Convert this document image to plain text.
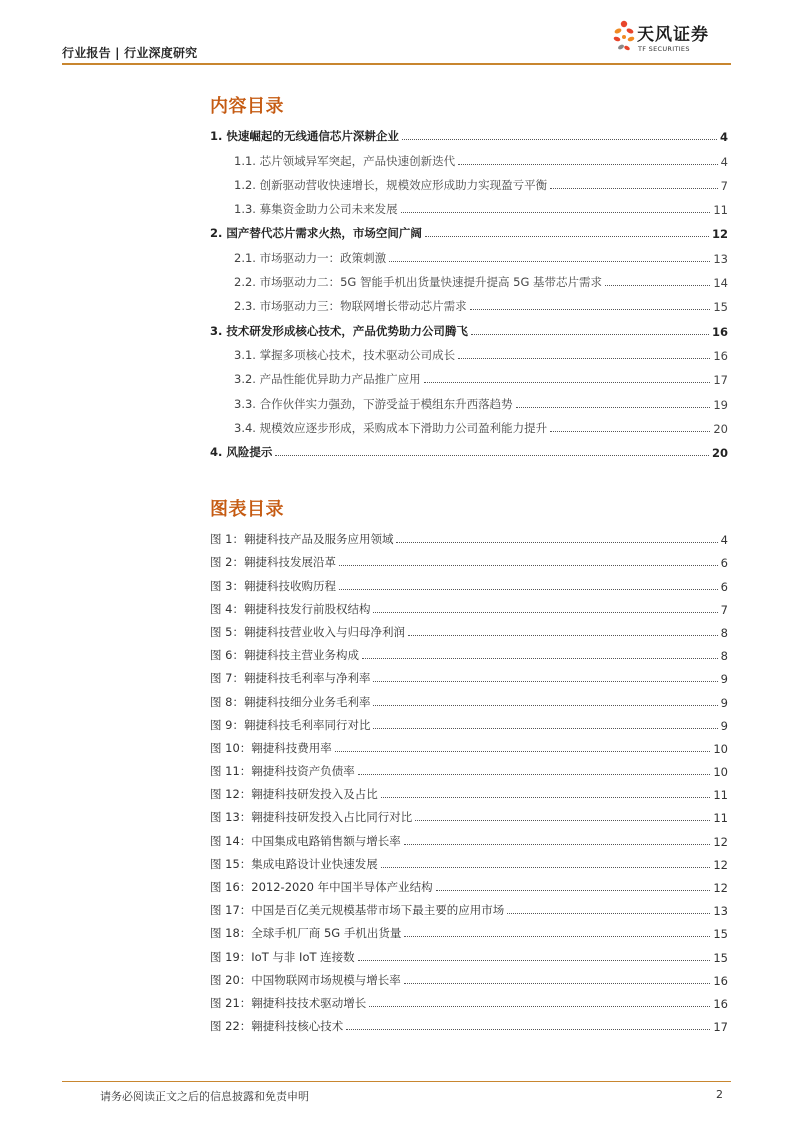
行业报告 | 行业深度研究
天风证券
TF SECURITIES
内容目录
1. 快速崛起的无线通信芯片深耕企业	4
1.1. 芯片领域异军突起，产品快速创新迭代	4
1.2. 创新驱动营收快速增长，规模效应形成助力实现盈亏平衡	7
1.3. 募集资金助力公司未来发展	11
2. 国产替代芯片需求火热，市场空间广阔	12
2.1. 市场驱动力一：政策刺激	13
2.2. 市场驱动力二：5G 智能手机出货量快速提升提高 5G 基带芯片需求	14
2.3. 市场驱动力三：物联网增长带动芯片需求	15
3. 技术研发形成核心技术，产品优势助力公司腾飞	16
3.1. 掌握多项核心技术，技术驱动公司成长	16
3.2. 产品性能优异助力产品推广应用	17
3.3. 合作伙伴实力强劲，下游受益于模组东升西落趋势	19
3.4. 规模效应逐步形成，采购成本下滑助力公司盈利能力提升	20
4. 风险提示	20
图表目录
图 1：翱捷科技产品及服务应用领域	4
图 2：翱捷科技发展沿革	6
图 3：翱捷科技收购历程	6
图 4：翱捷科技发行前股权结构	7
图 5：翱捷科技营业收入与归母净利润	8
图 6：翱捷科技主营业务构成	8
图 7：翱捷科技毛利率与净利率	9
图 8：翱捷科技细分业务毛利率	9
图 9：翱捷科技毛利率同行对比	9
图 10：翱捷科技费用率	10
图 11：翱捷科技资产负债率	10
图 12：翱捷科技研发投入及占比	11
图 13：翱捷科技研发投入占比同行对比	11
图 14：中国集成电路销售额与增长率	12
图 15：集成电路设计业快速发展	12
图 16：2012-2020 年中国半导体产业结构	12
图 17：中国是百亿美元规模基带市场下最主要的应用市场	13
图 18：全球手机厂商 5G 手机出货量	15
图 19：IoT 与非 IoT 连接数	15
图 20：中国物联网市场规模与增长率	16
图 21：翱捷科技技术驱动增长	16
图 22：翱捷科技核心技术	17
请务必阅读正文之后的信息披露和免责申明	2
